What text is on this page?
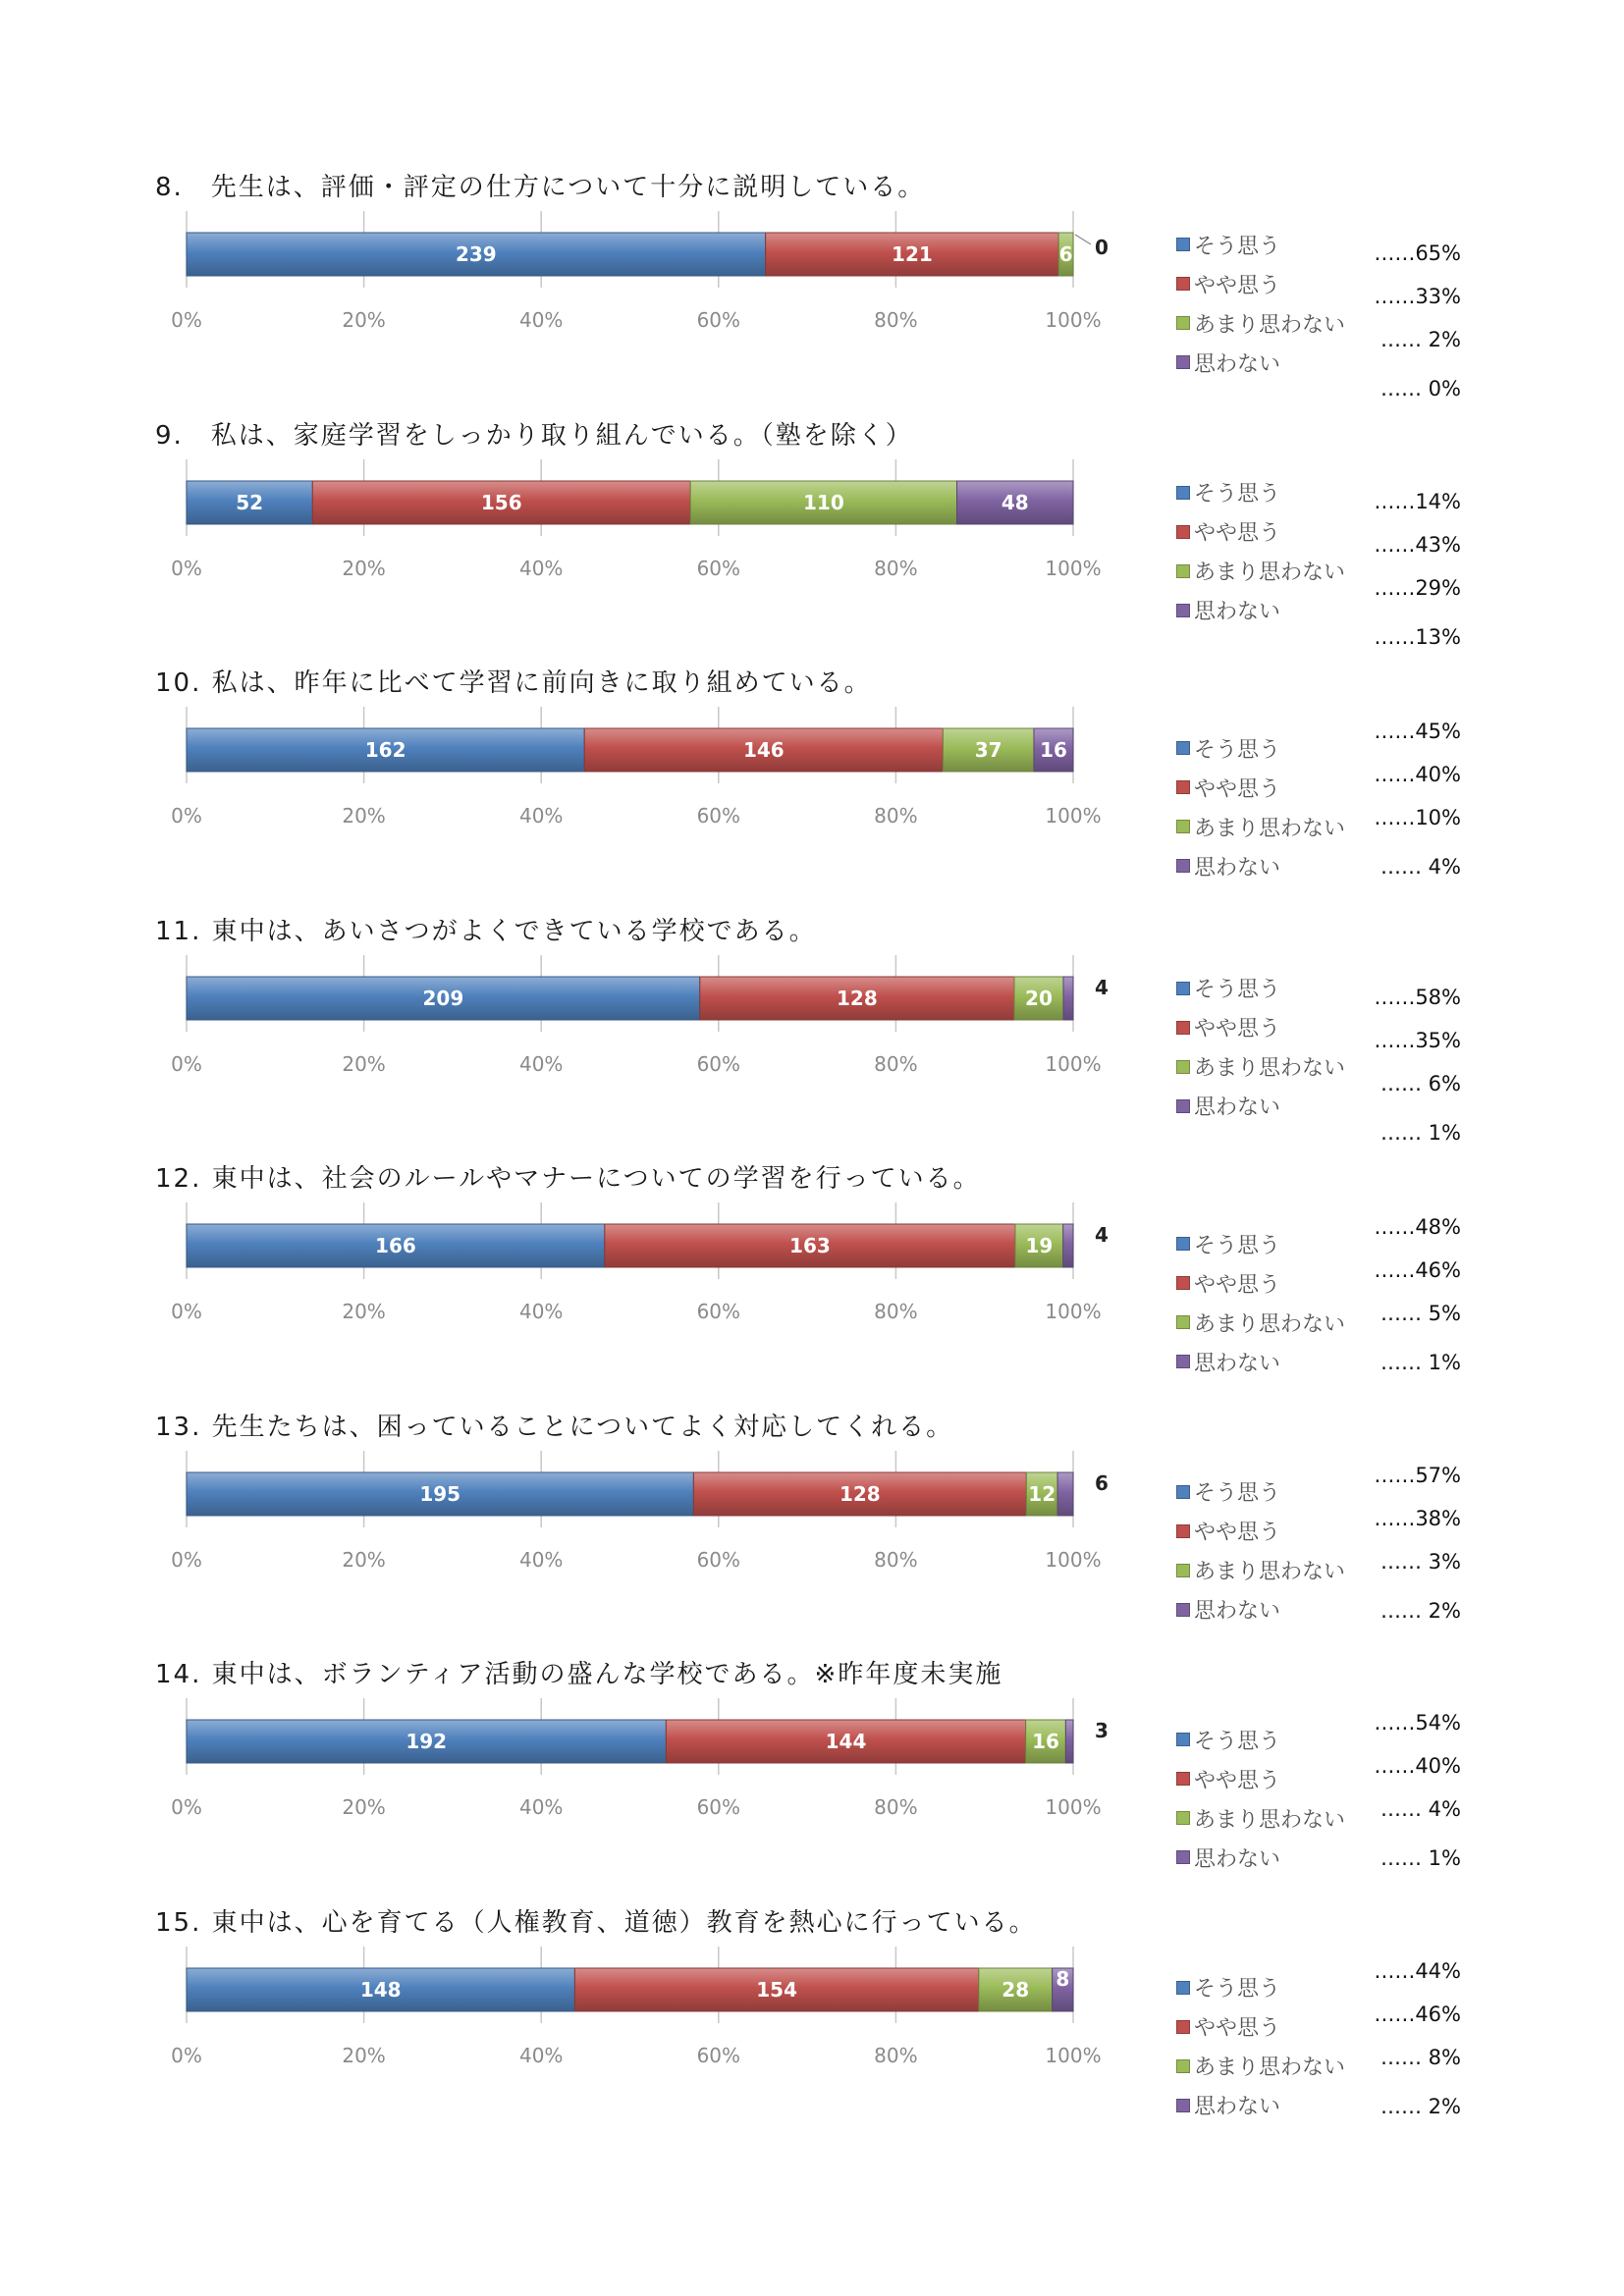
8.　先生は、評価・評定の仕方について十分に説明している。
0%	20%	40%	60%	80%	100%
239	121	6 0	そう思う
やや思う
あまり思わない
思わない
……65%
……33%
…… 2%
…… 0%
9.　私は、家庭学習をしっかり取り組んでいる。（塾を除く）
0%	20%	40%	60%	80%	100%
52	156	110	48	そう思う
やや思う
あまり思わない
思わない
……14%
……43%
……29%
……13%
10. 私は、昨年に比べて学習に前向きに取り組めている。
0%	20%	40%	60%	80%	100%
162	146	37 16	そう思う
やや思う
あまり思わない
思わない
……45%
……40%
……10%
…… 4%
11. 東中は、あいさつがよくできている学校である。
0%	20%	40%	60%	80%	100%
209	128	20 4	そう思う
やや思う
あまり思わない
思わない
……58%
……35%
…… 6%
…… 1%
12. 東中は、社会のルールやマナーについての学習を行っている。
0%	20%	40%	60%	80%	100%
166	163	19 4	そう思う
やや思う
あまり思わない
思わない
……48%
……46%
…… 5%
…… 1%
13. 先生たちは、困っていることについてよく対応してくれる。
0%	20%	40%	60%	80%	100%
195	128	12 6	そう思う
やや思う
あまり思わない
思わない
……57%
……38%
…… 3%
…… 2%
14. 東中は、ボランティア活動の盛んな学校である。※昨年度未実施
0%	20%	40%	60%	80%	100%
192	144	16 3	そう思う
やや思う
あまり思わない
思わない
……54%
……40%
…… 4%
…… 1%
15. 東中は、心を育てる（人権教育、道徳）教育を熱心に行っている。
0%	20%	40%	60%	80%	100%
148	154	28 8	そう思う
やや思う
あまり思わない
思わない
……44%
……46%
…… 8%
…… 2%
